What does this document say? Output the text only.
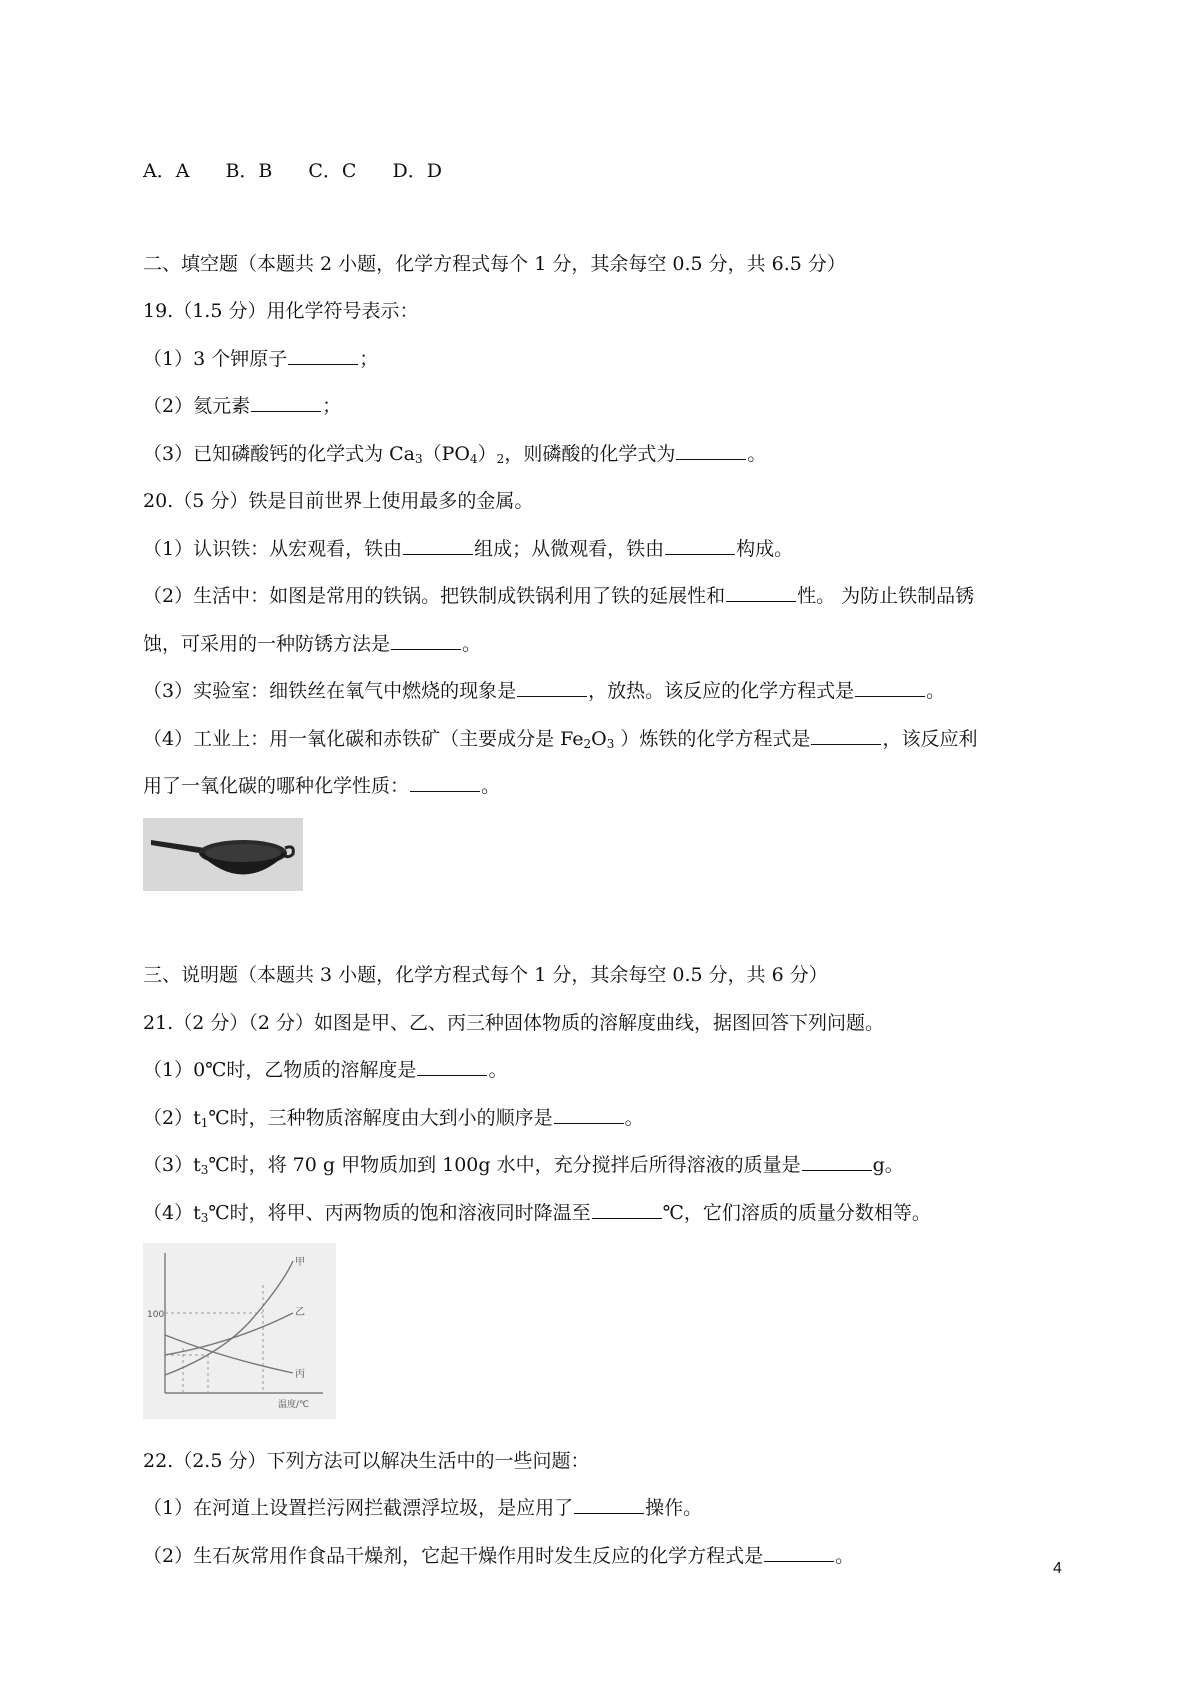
A．A B．B C．C D．D
二、填空题（本题共 2 小题，化学方程式每个 1 分，其余每空 0.5 分，共 6.5 分）
19.（1.5 分）用化学符号表示：
（1）3 个钾原子	；
（2）氦元素	；
（3）已知磷酸钙的化学式为 $Ca_3(PO_4)_2$，则磷酸的化学式为	。
20.（5 分）铁是目前世界上使用最多的金属。
（1）认识铁：从宏观看，铁由	组成；从微观看，铁由	构成。
（2）生活中：如图是常用的铁锅。把铁制成铁锅利用了铁的延展性和	性。 为防止铁制品锈
蚀，可采用的一种防锈方法是	。
（3）实验室：细铁丝在氧气中燃烧的现象是	，放热。该反应的化学方程式是	。
（4）工业上：用一氧化碳和赤铁矿（主要成分是 $Fe_2O_3$ ）炼铁的化学方程式是	，该反应利
用了一氧化碳的哪种化学性质：	。
三、说明题（本题共 3 小题，化学方程式每个 1 分，其余每空 0.5 分，共 6 分）
21.（2 分）（2 分）如图是甲、乙、丙三种固体物质的溶解度曲线，据图回答下列问题。
（1）0℃时，乙物质的溶解度是	。
$(2)t_1℃$时，三种物质溶解度由大到小的顺序是	。
$(3)t_3℃$时，将 70 g 甲物质加到 100g 水中，充分搅拌后所得溶液的质量是	g。
$(4)t_3℃$时，将甲、丙两物质的饱和溶液同时降温至	℃，它们溶质的质量分数相等。
100
甲
乙
丙
温度/℃
22.（2.5 分）下列方法可以解决生活中的一些问题：
（1）在河道上设置拦污网拦截漂浮垃圾，是应用了	操作。
（2）生石灰常用作食品干燥剂，它起干燥作用时发生反应的化学方程式是	。
4
